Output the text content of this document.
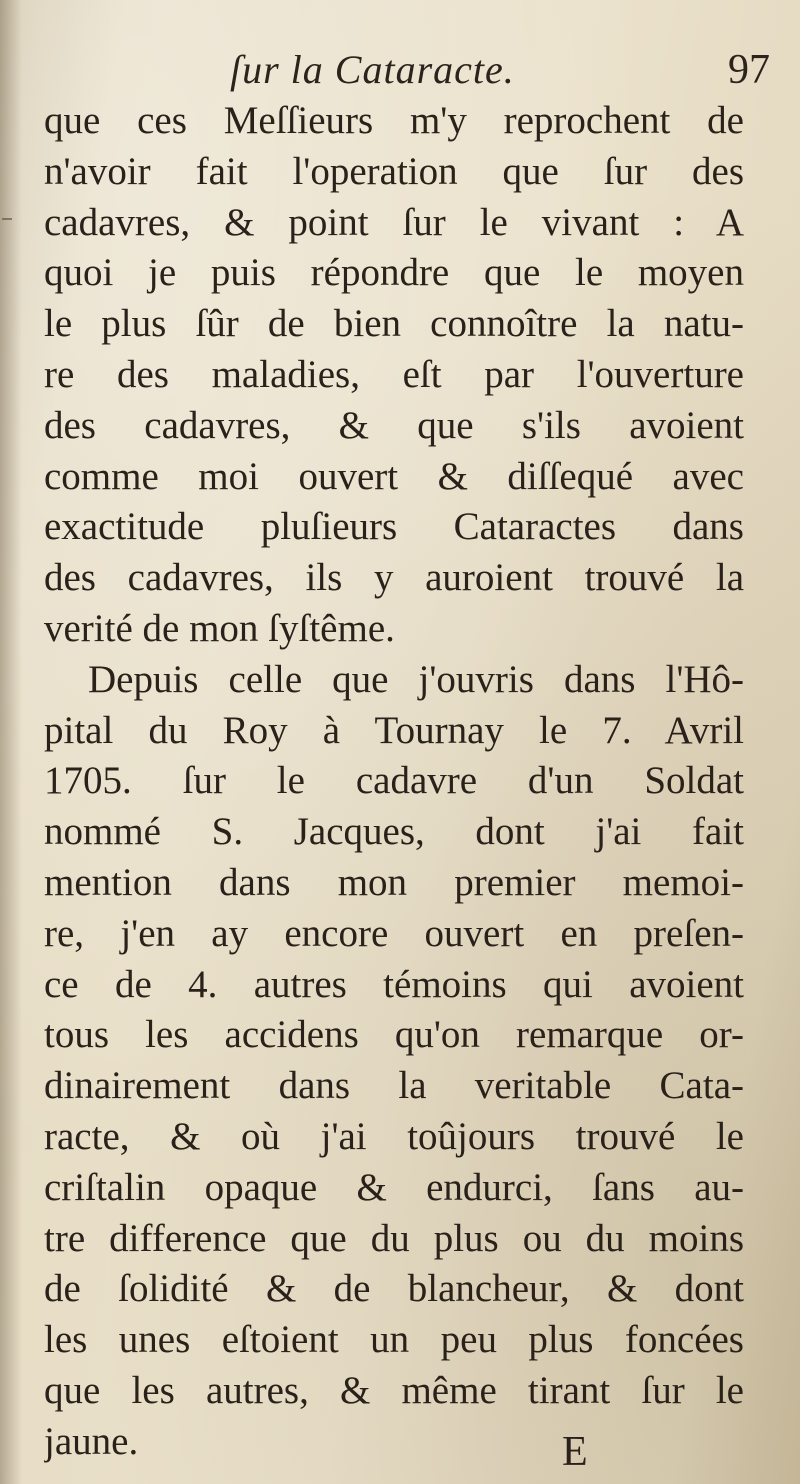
ſur la Cataracte.	97
que ces Meſſieurs m'y reprochent de
n'avoir fait l'operation que ſur des
cadavres, & point ſur le vivant : A
quoi je puis répondre que le moyen
le plus ſûr de bien connoître la natu-
re des maladies, eſt par l'ouverture
des cadavres, & que s'ils avoient
comme moi ouvert & diſſequé avec
exactitude pluſieurs Cataractes dans
des cadavres, ils y auroient trouvé la
verité de mon ſyſtême.
Depuis celle que j'ouvris dans l'Hô-
pital du Roy à Tournay le 7. Avril
1705. ſur le cadavre d'un Soldat
nommé S. Jacques, dont j'ai fait
mention dans mon premier memoi-
re, j'en ay encore ouvert en preſen-
ce de 4. autres témoins qui avoient
tous les accidens qu'on remarque or-
dinairement dans la veritable Cata-
racte, & où j'ai toûjours trouvé le
criſtalin opaque & endurci, ſans au-
tre difference que du plus ou du moins
de ſolidité & de blancheur, & dont
les unes eſtoient un peu plus foncées
que les autres, & même tirant ſur le
jaune.	E
